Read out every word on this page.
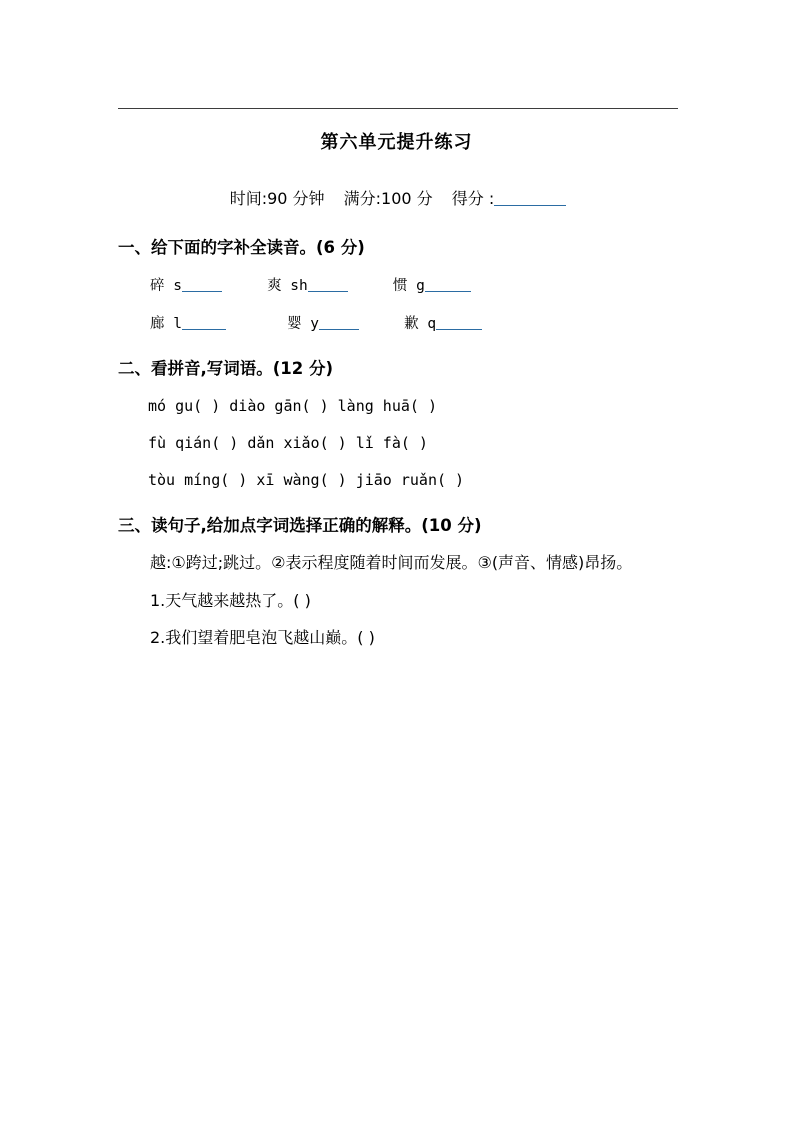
第六单元提升练习
时间:90 分钟 满分:100 分 得分 :
一、给下面的字补全读音。(6 分)
碎 s	爽 sh	惯 g
廊 l	婴 y	歉 q
二、看拼音,写词语。(12 分)
mó gu( ) diào gān( ) làng huā( )
fù qián( ) dǎn xiǎo( ) lǐ fà( )
tòu míng( ) xī wàng( ) jiāo ruǎn( )
三、读句子,给加点字词选择正确的解释。(10 分)
越:①跨过;跳过。②表示程度随着时间而发展。③(声音、情感)昂扬。
1.天气越来越热了。( )
2.我们望着肥皂泡飞越山巅。( )
